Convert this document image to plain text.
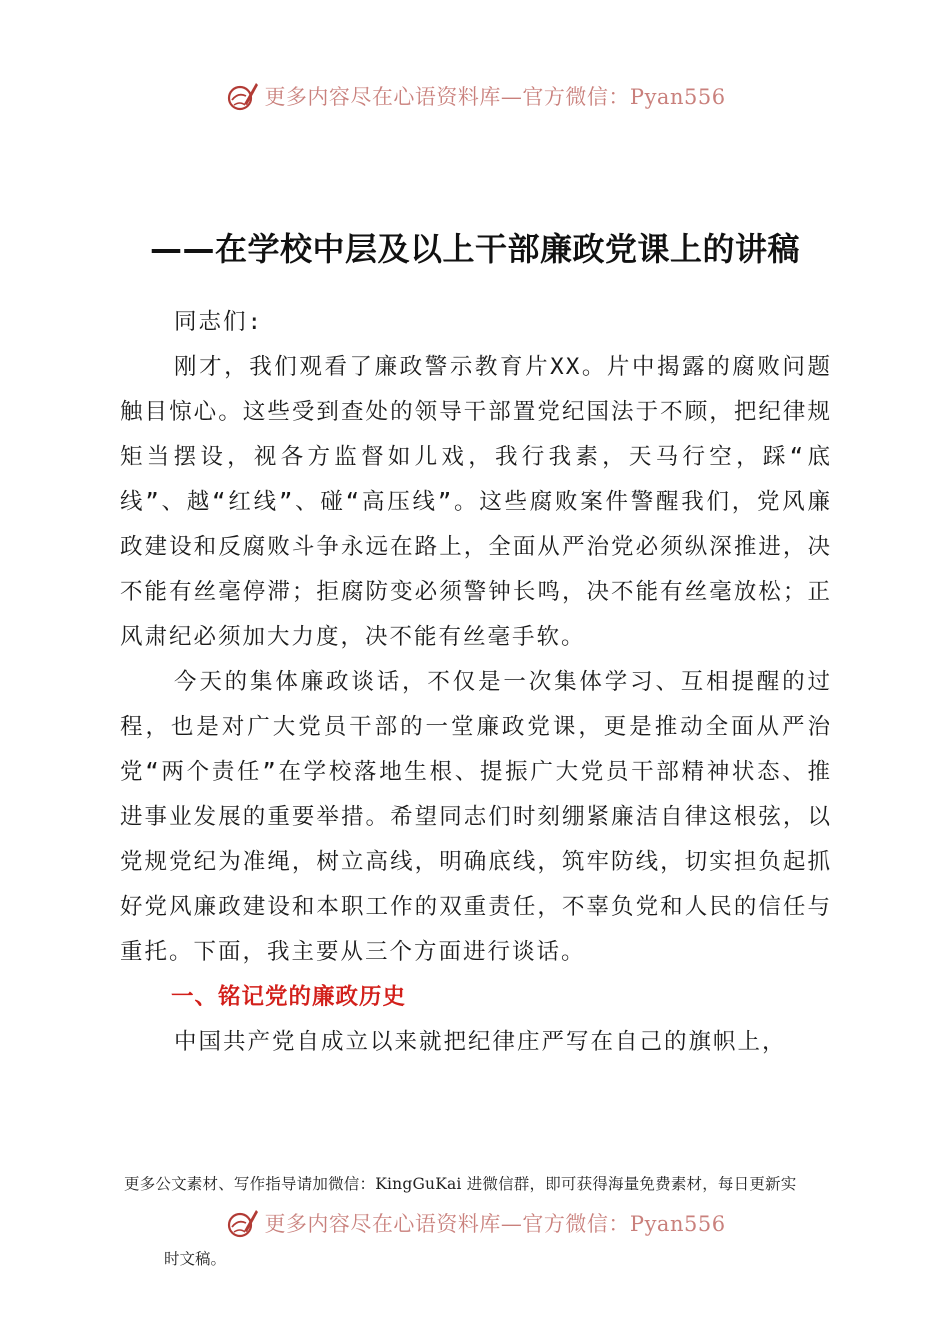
更多内容尽在心语资料库—官方微信：Pyan556
——在学校中层及以上干部廉政党课上的讲稿

同志们:

刚才，我们观看了廉政警示教育片XX。片中揭露的腐败问题触目惊心。这些受到查处的领导干部置党纪国法于不顾，把纪律规矩当摆设，视各方监督如儿戏，我行我素，天马行空，踩“底线”、越“红线”、碰“高压线”。这些腐败案件警醒我们，党风廉政建设和反腐败斗争永远在路上，全面从严治党必须纵深推进，决不能有丝毫停滞；拒腐防变必须警钟长鸣，决不能有丝毫放松；正风肃纪必须加大力度，决不能有丝毫手软。

今天的集体廉政谈话，不仅是一次集体学习、互相提醒的过程，也是对广大党员干部的一堂廉政党课，更是推动全面从严治党“两个责任”在学校落地生根、提振广大党员干部精神状态、推进事业发展的重要举措。希望同志们时刻绷紧廉洁自律这根弦，以党规党纪为准绳，树立高线，明确底线，筑牢防线，切实担负起抓好党风廉政建设和本职工作的双重责任，不辜负党和人民的信任与重托。下面，我主要从三个方面进行谈话。

一、铭记党的廉政历史

中国共产党自成立以来就把纪律庄严写在自己的旗帜上，

更多公文素材、写作指导请加微信：KingGuKai 进微信群，即可获得海量免费素材，每日更新实
更多内容尽在心语资料库—官方微信：Pyan556
时文稿。
